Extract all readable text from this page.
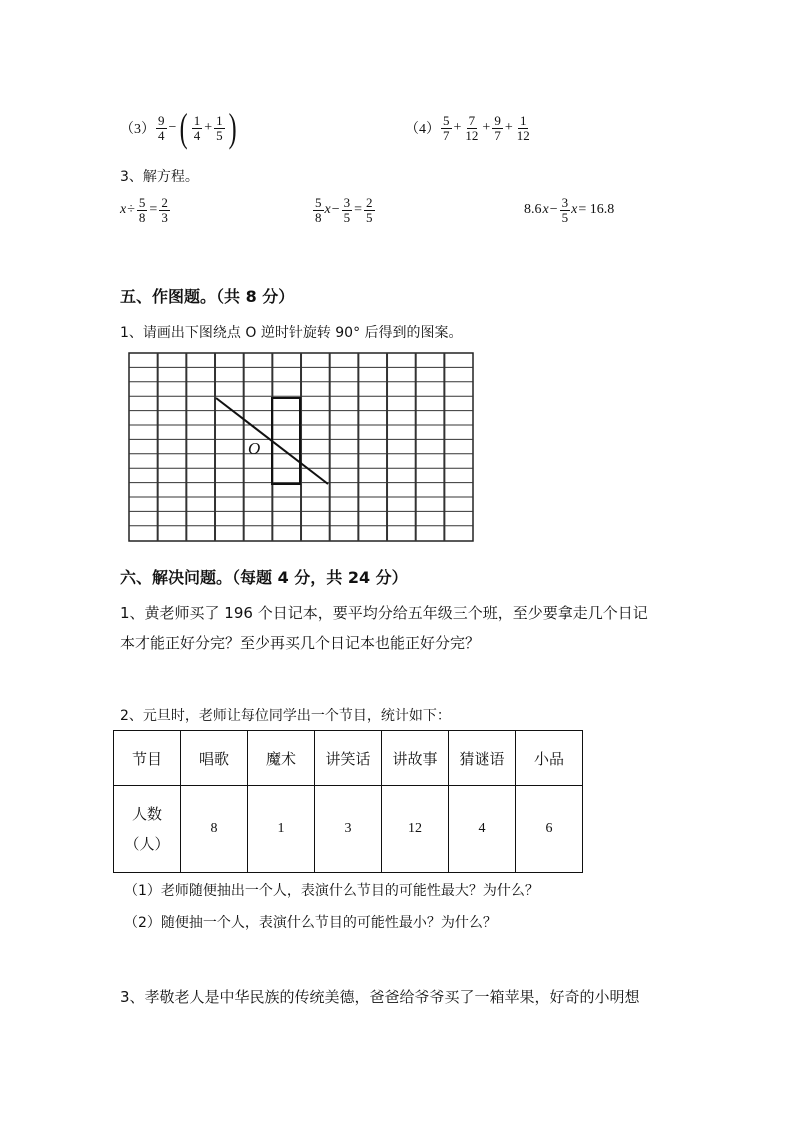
$(3) \frac{9}{4}$ − ( $\frac{1}{4} + \frac{1}{5}$ )	$(4) \frac{5}{7} + \frac{7}{12} + \frac{9}{7} + \frac{1}{12}$
3、解方程。
$x \div \frac{5}{8} = \frac{2}{3}$	$\frac{5}{8}$ $x - \frac{3}{5} = \frac{2}{5}$	8.6 $x - \frac{3}{5}$ x = 16.8
五、作图题。（共 8 分）
1、请画出下图绕点 O 逆时针旋转 90° 后得到的图案。
O
六、解决问题。（每题 4 分，共 24 分）
1、黄老师买了 196 个日记本，要平均分给五年级三个班，至少要拿走几个日记
本才能正好分完？至少再买几个日记本也能正好分完？
2、元旦时，老师让每位同学出一个节目，统计如下：
节目	唱歌	魔术	讲笑话	讲故事	猜谜语	小品

人数
（人）	8	1	3	12	4	6
（1）老师随便抽出一个人，表演什么节目的可能性最大？为什么？
（2）随便抽一个人，表演什么节目的可能性最小？为什么？
3、孝敬老人是中华民族的传统美德，爸爸给爷爷买了一箱苹果，好奇的小明想
